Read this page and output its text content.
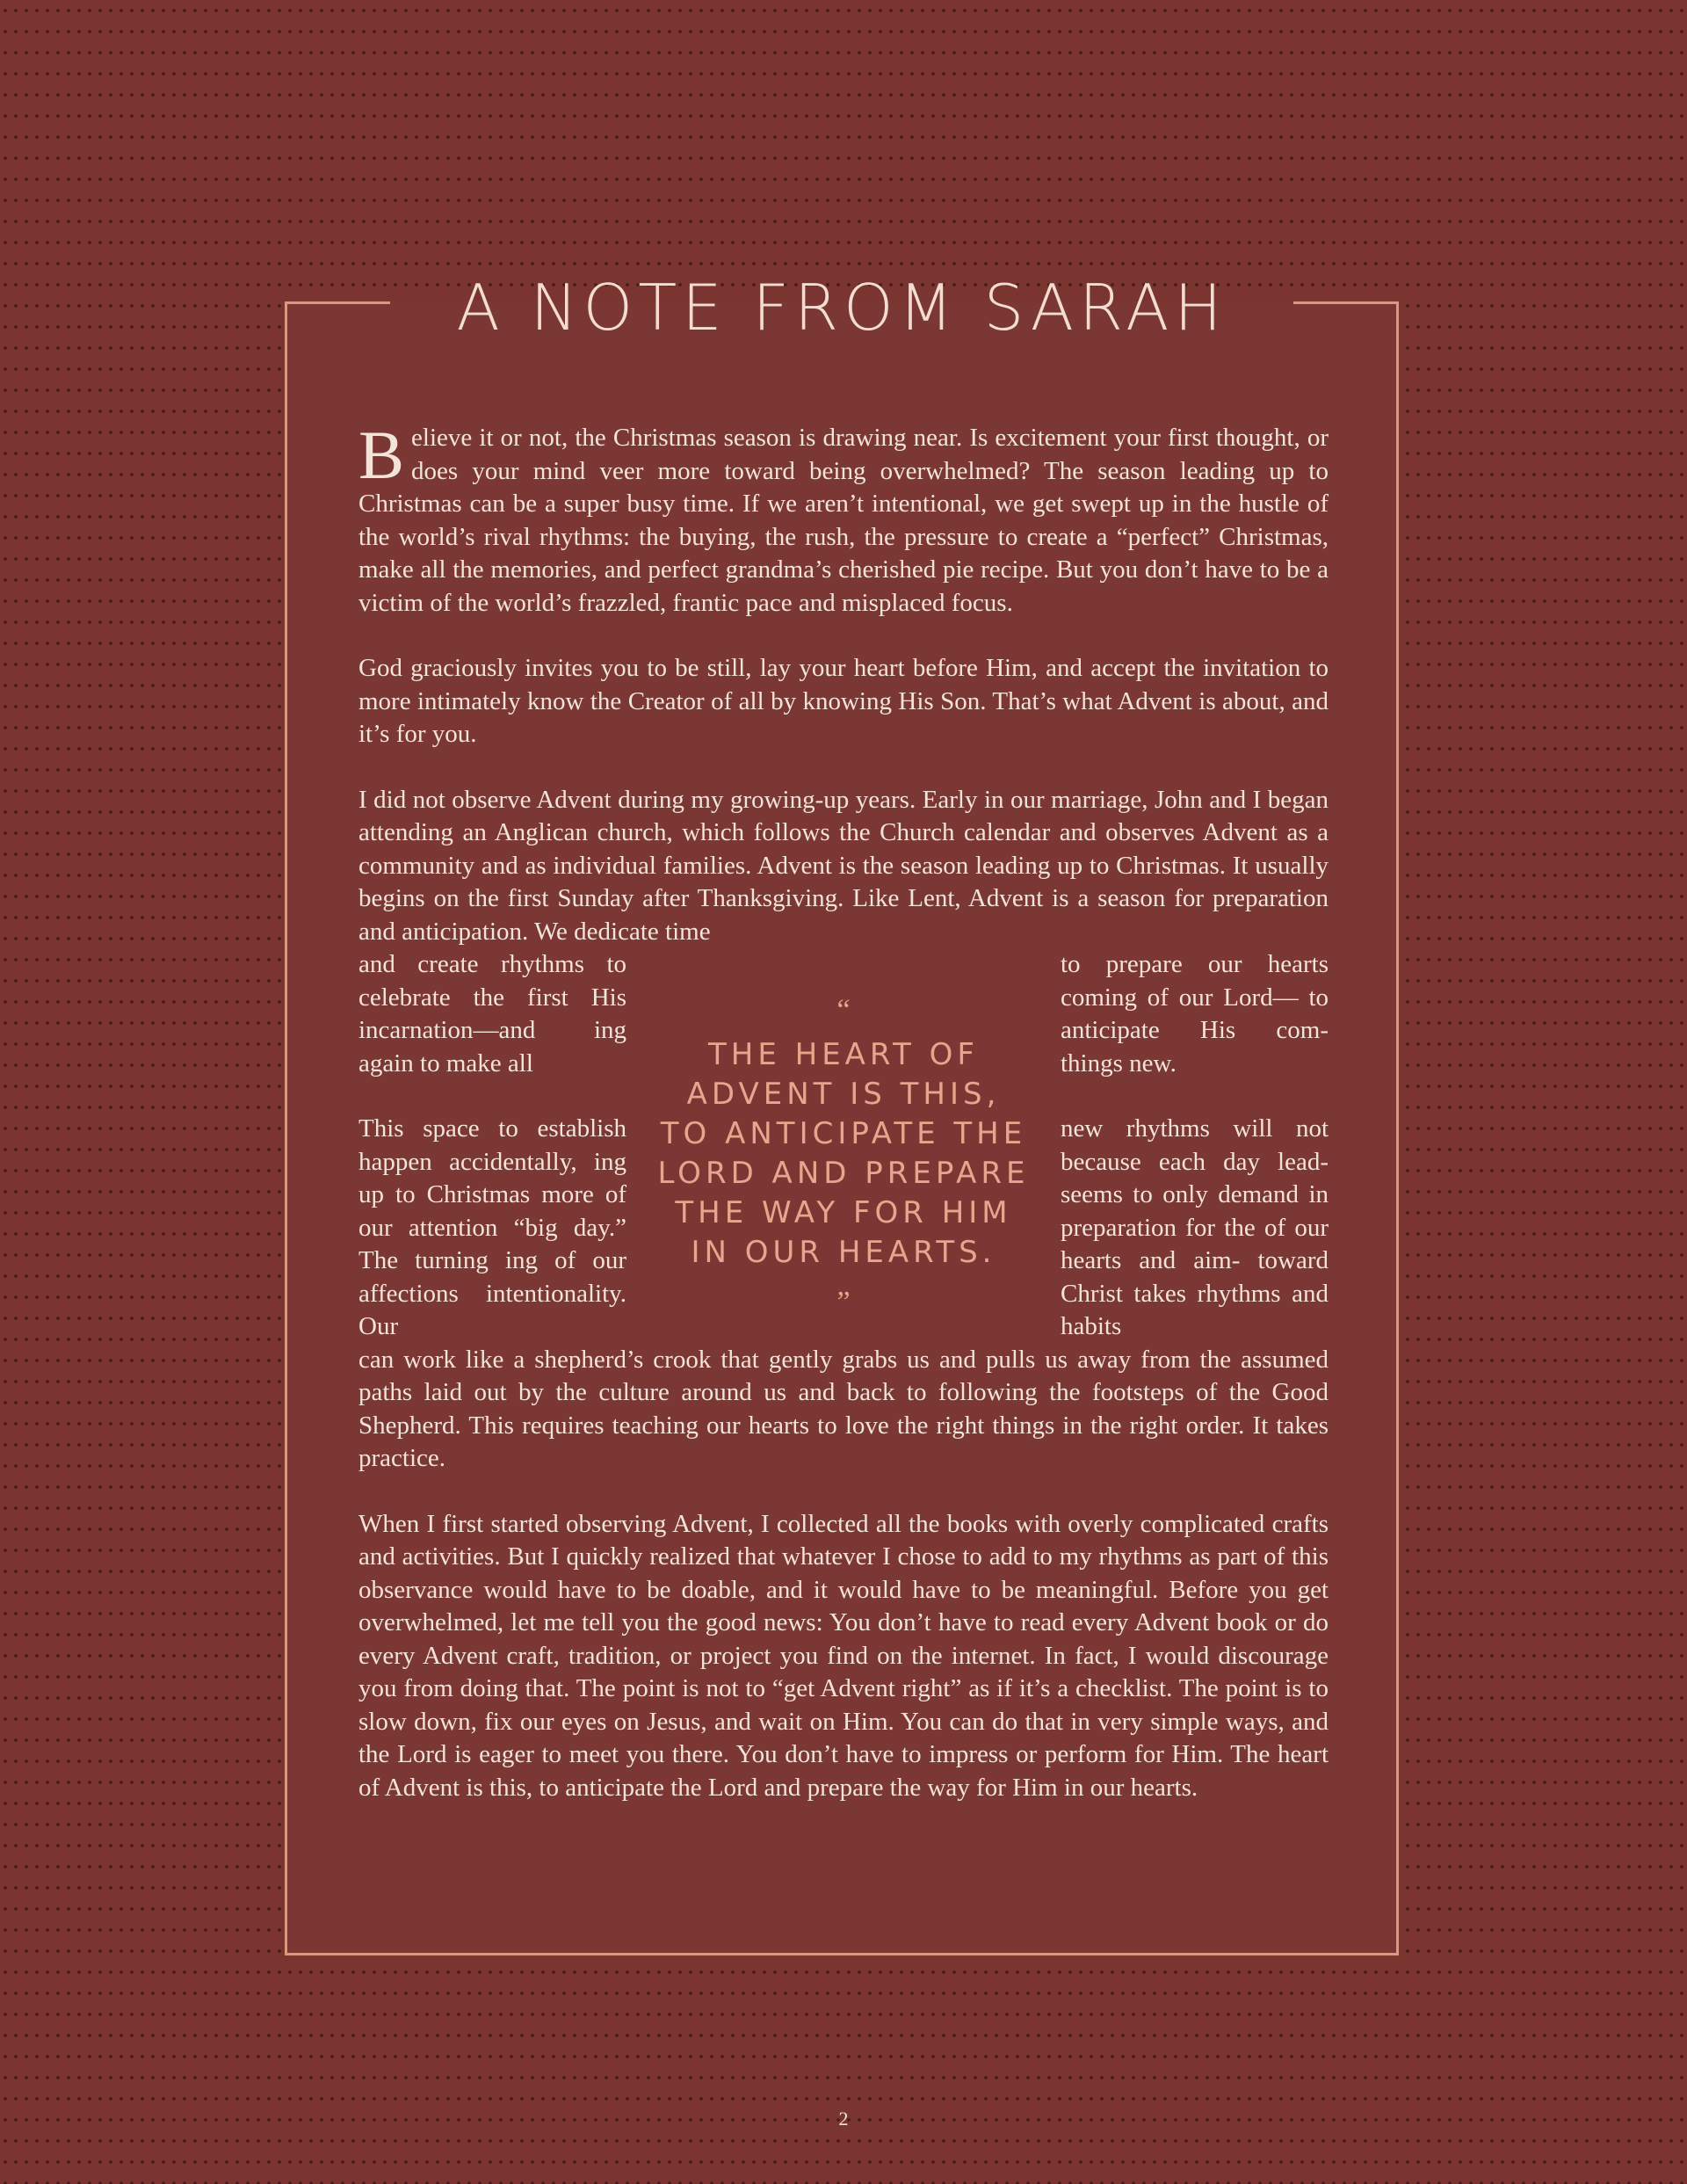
A NOTE FROM SARAH

Believe it or not, the Christmas season is drawing near. Is excitement your first thought, or does your mind veer more toward being overwhelmed? The season leading up to Christmas can be a super busy time. If we aren’t intentional, we get swept up in the hustle of the world’s rival rhythms: the buying, the rush, the pressure to create a “perfect” Christmas, make all the memories, and perfect grandma’s cherished pie recipe. But you don’t have to be a victim of the world’s frazzled, frantic pace and misplaced focus.

God graciously invites you to be still, lay your heart before Him, and accept the invitation to more intimately know the Creator of all by knowing His Son. That’s what Advent is about, and it’s for you.

I did not observe Advent during my growing-up years. Early in our marriage, John and I began attending an Anglican church, which follows the Church calendar and observes Advent as a community and as individual families. Advent is the season leading up to Christmas. It usually begins on the first Sunday after Thanksgiving. Like Lent, Advent is a season for preparation and anticipation. We dedicate time

and create rhythms to celebrate the first His incarnation—and ing again to make all
to prepare our hearts coming of our Lord— to anticipate His com- things new.
This space to establish happen accidentally, ing up to Christmas more of our attention “big day.” The turning ing of our affections intentionality. Our
new rhythms will not because each day lead- seems to only demand in preparation for the of our hearts and aim- toward Christ takes rhythms and habits

can work like a shepherd’s crook that gently grabs us and pulls us away from the assumed paths laid out by the culture around us and back to following the footsteps of the Good Shepherd. This requires teaching our hearts to love the right things in the right order. It takes practice.

When I first started observing Advent, I collected all the books with overly complicated crafts and activities. But I quickly realized that whatever I chose to add to my rhythms as part of this observance would have to be doable, and it would have to be meaningful. Before you get overwhelmed, let me tell you the good news: You don’t have to read every Advent book or do every Advent craft, tradition, or project you find on the internet. In fact, I would discourage you from doing that. The point is not to “get Advent right” as if it’s a checklist. The point is to slow down, fix our eyes on Jesus, and wait on Him. You can do that in very simple ways, and the Lord is eager to meet you there. You don’t have to impress or perform for Him. The heart of Advent is this, to anticipate the Lord and prepare the way for Him in our hearts.

“
THE HEART OF ADVENT IS THIS, TO ANTICIPATE THE LORD AND PREPARE THE WAY FOR HIM IN OUR HEARTS.
”
2
